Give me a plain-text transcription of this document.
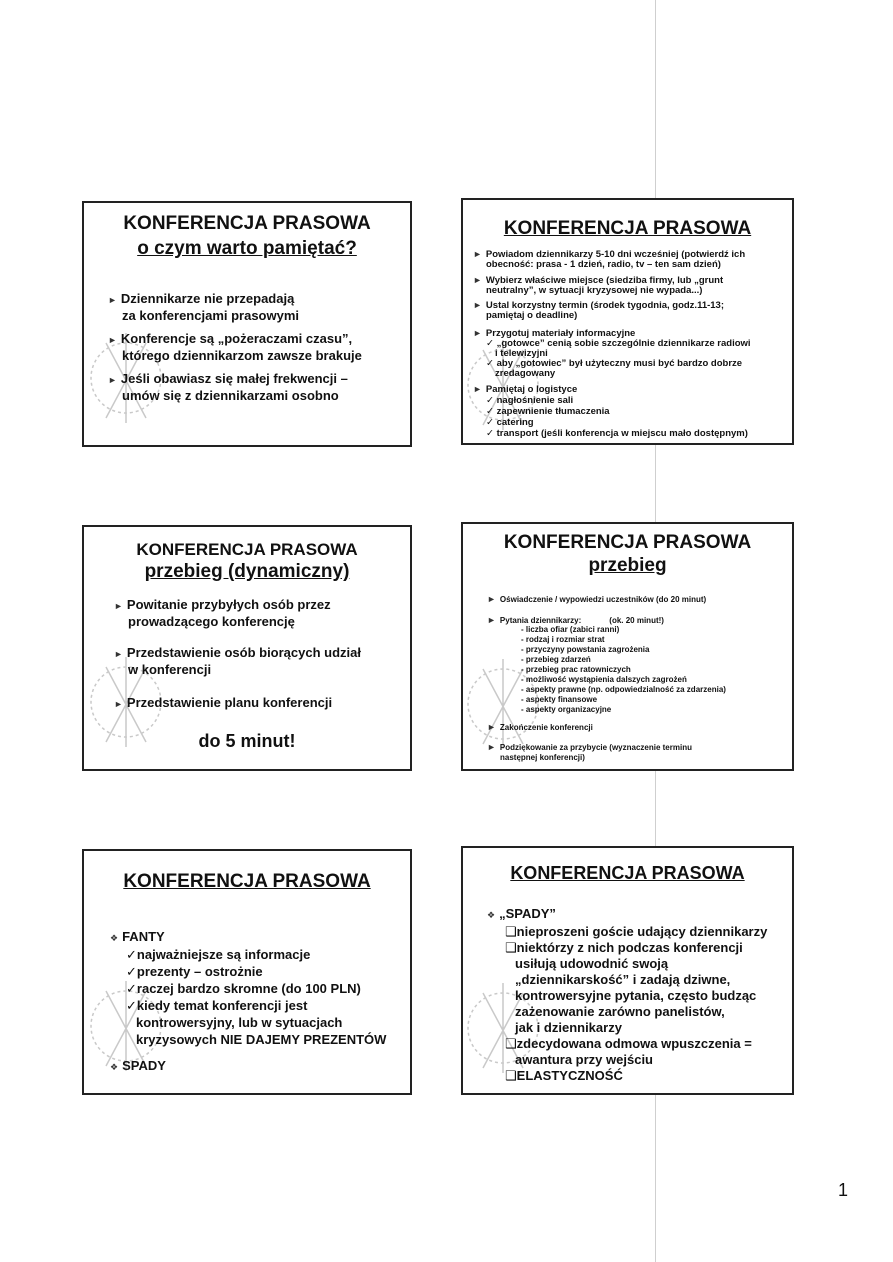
KONFERENCJA PRASOWA
o czym warto pamiętać?
► Dziennikarze nie przepadają
za konferencjami prasowymi
► Konferencje są „pożeraczami czasu”,
którego dziennikarzom zawsze brakuje
► Jeśli obawiasz się małej frekwencji –
umów się z dziennikarzami osobno
KONFERENCJA PRASOWA
► Powiadom dziennikarzy 5-10 dni wcześniej (potwierdź ich
obecność: prasa - 1 dzień, radio, tv – ten sam dzień)
► Wybierz właściwe miejsce (siedziba firmy, lub „grunt
neutralny”, w sytuacji kryzysowej nie wypada...)
► Ustal korzystny termin (środek tygodnia, godz.11-13;
pamiętaj o deadline)
► Przygotuj materiały informacyjne
✓ „gotowce” cenią sobie szczególnie dziennikarze radiowi
i telewizyjni
✓ aby „gotowiec” był użyteczny musi być bardzo dobrze
zredagowany
► Pamiętaj o logistyce
✓ nagłośnienie sali
✓ zapewnienie tłumaczenia
✓ catering
✓ transport (jeśli konferencja w miejscu mało dostępnym)
KONFERENCJA PRASOWA
przebieg (dynamiczny)
► Powitanie przybyłych osób przez
prowadzącego konferencję
► Przedstawienie osób biorących udział
w konferencji
► Przedstawienie planu konferencji
do 5 minut!
KONFERENCJA PRASOWA
przebieg
► Oświadczenie / wypowiedzi uczestników (do 20 minut)
► Pytania dziennikarzy:	(ok. 20 minut!)
- liczba ofiar (zabici ranni)
- rodzaj i rozmiar strat
- przyczyny powstania zagrożenia
- przebieg zdarzeń
- przebieg prac ratowniczych
- możliwość wystąpienia dalszych zagrożeń
- aspekty prawne (np. odpowiedzialność za zdarzenia)
- aspekty finansowe
- aspekty organizacyjne
► Zakończenie konferencji
► Podziękowanie za przybycie (wyznaczenie terminu
następnej konferencji)
KONFERENCJA PRASOWA
❖ FANTY
✓najważniejsze są informacje
✓prezenty – ostrożnie
✓raczej bardzo skromne (do 100 PLN)
✓kiedy temat konferencji jest
kontrowersyjny, lub w sytuacjach
kryzysowych NIE DAJEMY PREZENTÓW
❖ SPADY
KONFERENCJA PRASOWA
❖ „SPADY”
❑nieproszeni goście udający dziennikarzy
❑niektórzy z nich podczas konferencji
usiłują udowodnić swoją
„dziennikarskość” i zadają dziwne,
kontrowersyjne pytania, często budząc
zażenowanie zarówno panelistów,
jak i dziennikarzy
❑zdecydowana odmowa wpuszczenia =
awantura przy wejściu
❑ELASTYCZNOŚĆ
1
